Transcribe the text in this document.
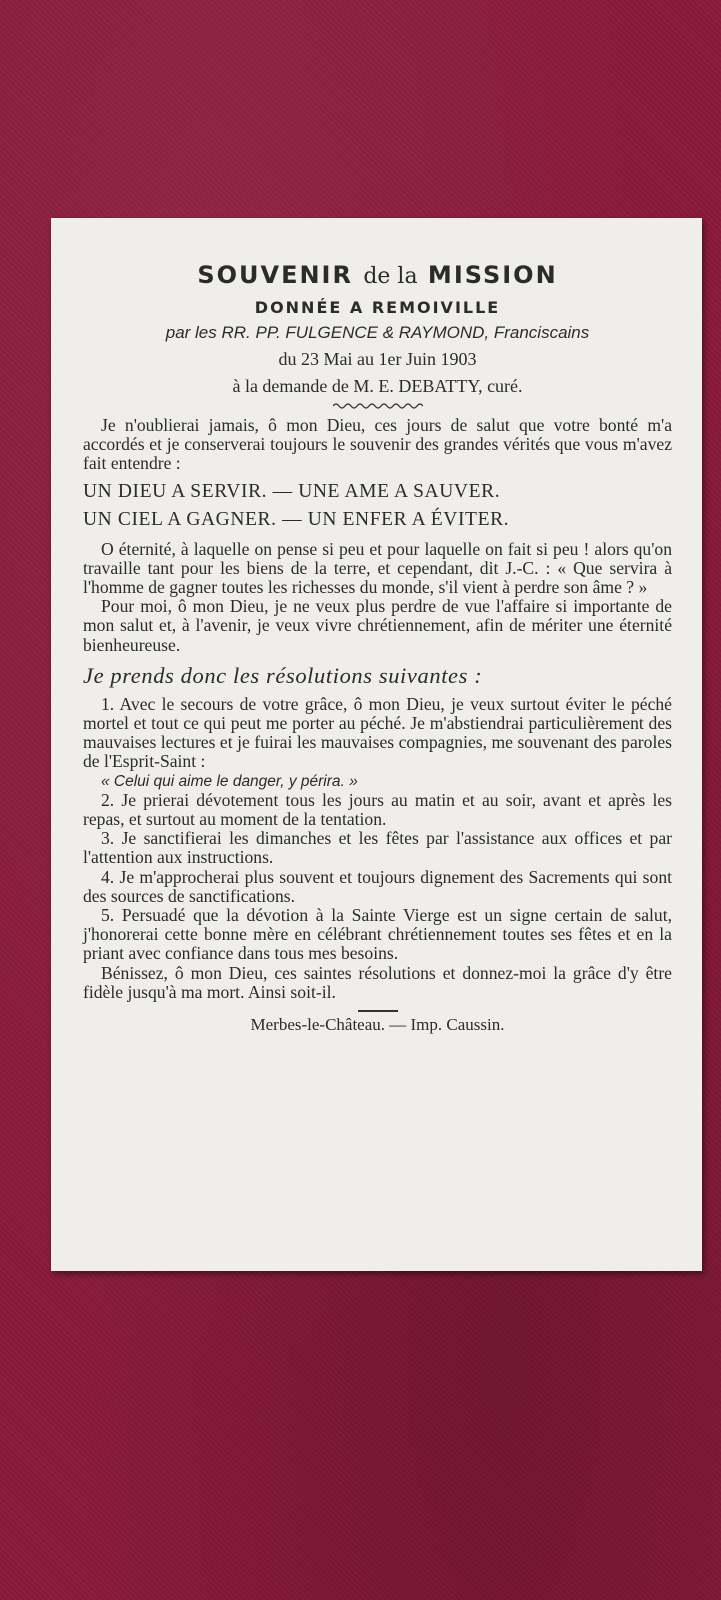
SOUVENIR de la MISSION
DONNÉE A REMOIVILLE
par les RR. PP. FULGENCE & RAYMOND, Franciscains
du 23 Mai au 1er Juin 1903
à la demande de M. E. DEBATTY, curé.

Je n'oublierai jamais, ô mon Dieu, ces jours de salut que votre bonté m'a accordés et je conserverai toujours le souvenir des grandes vérités que vous m'avez fait entendre :

UN DIEU A SERVIR. — UNE AME A SAUVER.
UN CIEL A GAGNER. — UN ENFER A ÉVITER.

O éternité, à laquelle on pense si peu et pour laquelle on fait si peu ! alors qu'on travaille tant pour les biens de la terre, et cependant, dit J.-C. : « Que servira à l'homme de gagner toutes les richesses du monde, s'il vient à perdre son âme ? »

Pour moi, ô mon Dieu, je ne veux plus perdre de vue l'affaire si importante de mon salut et, à l'avenir, je veux vivre chrétiennement, afin de mériter une éternité bienheureuse.

Je prends donc les résolutions suivantes :

1. Avec le secours de votre grâce, ô mon Dieu, je veux surtout éviter le péché mortel et tout ce qui peut me porter au péché. Je m'abstiendrai particulièrement des mauvaises lectures et je fuirai les mauvaises compagnies, me souvenant des paroles de l'Esprit-Saint :

« Celui qui aime le danger, y périra. »

2. Je prierai dévotement tous les jours au matin et au soir, avant et après les repas, et surtout au moment de la tentation.

3. Je sanctifierai les dimanches et les fêtes par l'assistance aux offices et par l'attention aux instructions.

4. Je m'approcherai plus souvent et toujours dignement des Sacrements qui sont des sources de sanctifications.

5. Persuadé que la dévotion à la Sainte Vierge est un signe certain de salut, j'honorerai cette bonne mère en célébrant chrétiennement toutes ses fêtes et en la priant avec confiance dans tous mes besoins.

Bénissez, ô mon Dieu, ces saintes résolutions et donnez-moi la grâce d'y être fidèle jusqu'à ma mort. Ainsi soit-il.

Merbes-le-Château. — Imp. Caussin.
